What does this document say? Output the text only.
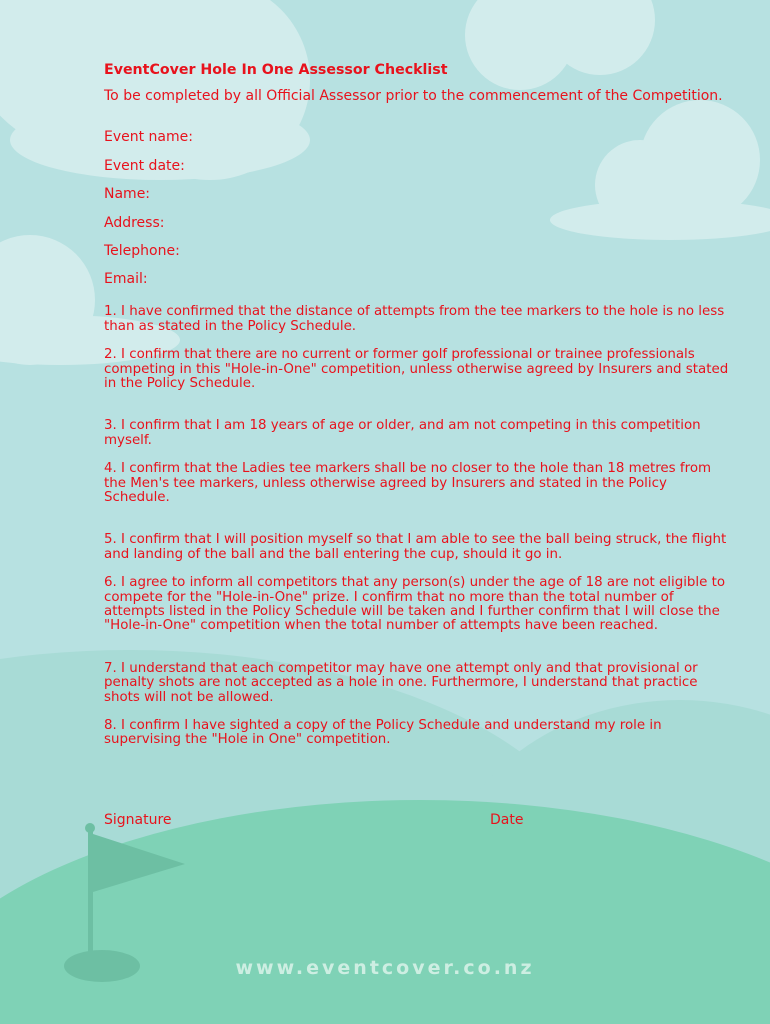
EventCover Hole In One Assessor Checklist
To be completed by all Official Assessor prior to the commencement of the Competition.
Event name:
Event date:
Name:
Address:
Telephone:
Email:
1. I have confirmed that the distance of attempts from the tee markers to the hole is no less than as stated in the Policy Schedule.
2. I confirm that there are no current or former golf professional or trainee professionals competing in this "Hole-in-One" competition, unless otherwise agreed by Insurers and stated in the Policy Schedule.
3. I confirm that I am 18 years of age or older, and am not competing in this competition myself.
4. I confirm that the Ladies tee markers shall be no closer to the hole than 18 metres from the Men's tee markers, unless otherwise agreed by Insurers and stated in the Policy Schedule.
5. I confirm that I will position myself so that I am able to see the ball being struck, the flight and landing of the ball and the ball entering the cup, should it go in.
6. I agree to inform all competitors that any person(s) under the age of 18 are not eligible to compete for the "Hole-in-One" prize. I confirm that no more than the total number of attempts listed in the Policy Schedule will be taken and I further confirm that I will close the "Hole-in-One" competition when the total number of attempts have been reached.
7. I understand that each competitor may have one attempt only and that provisional or penalty shots are not accepted as a hole in one. Furthermore, I understand that practice shots will not be allowed.
8. I confirm I have sighted a copy of the Policy Schedule and understand my role in supervising the "Hole in One" competition.
Signature	Date
www.eventcover.co.nz
